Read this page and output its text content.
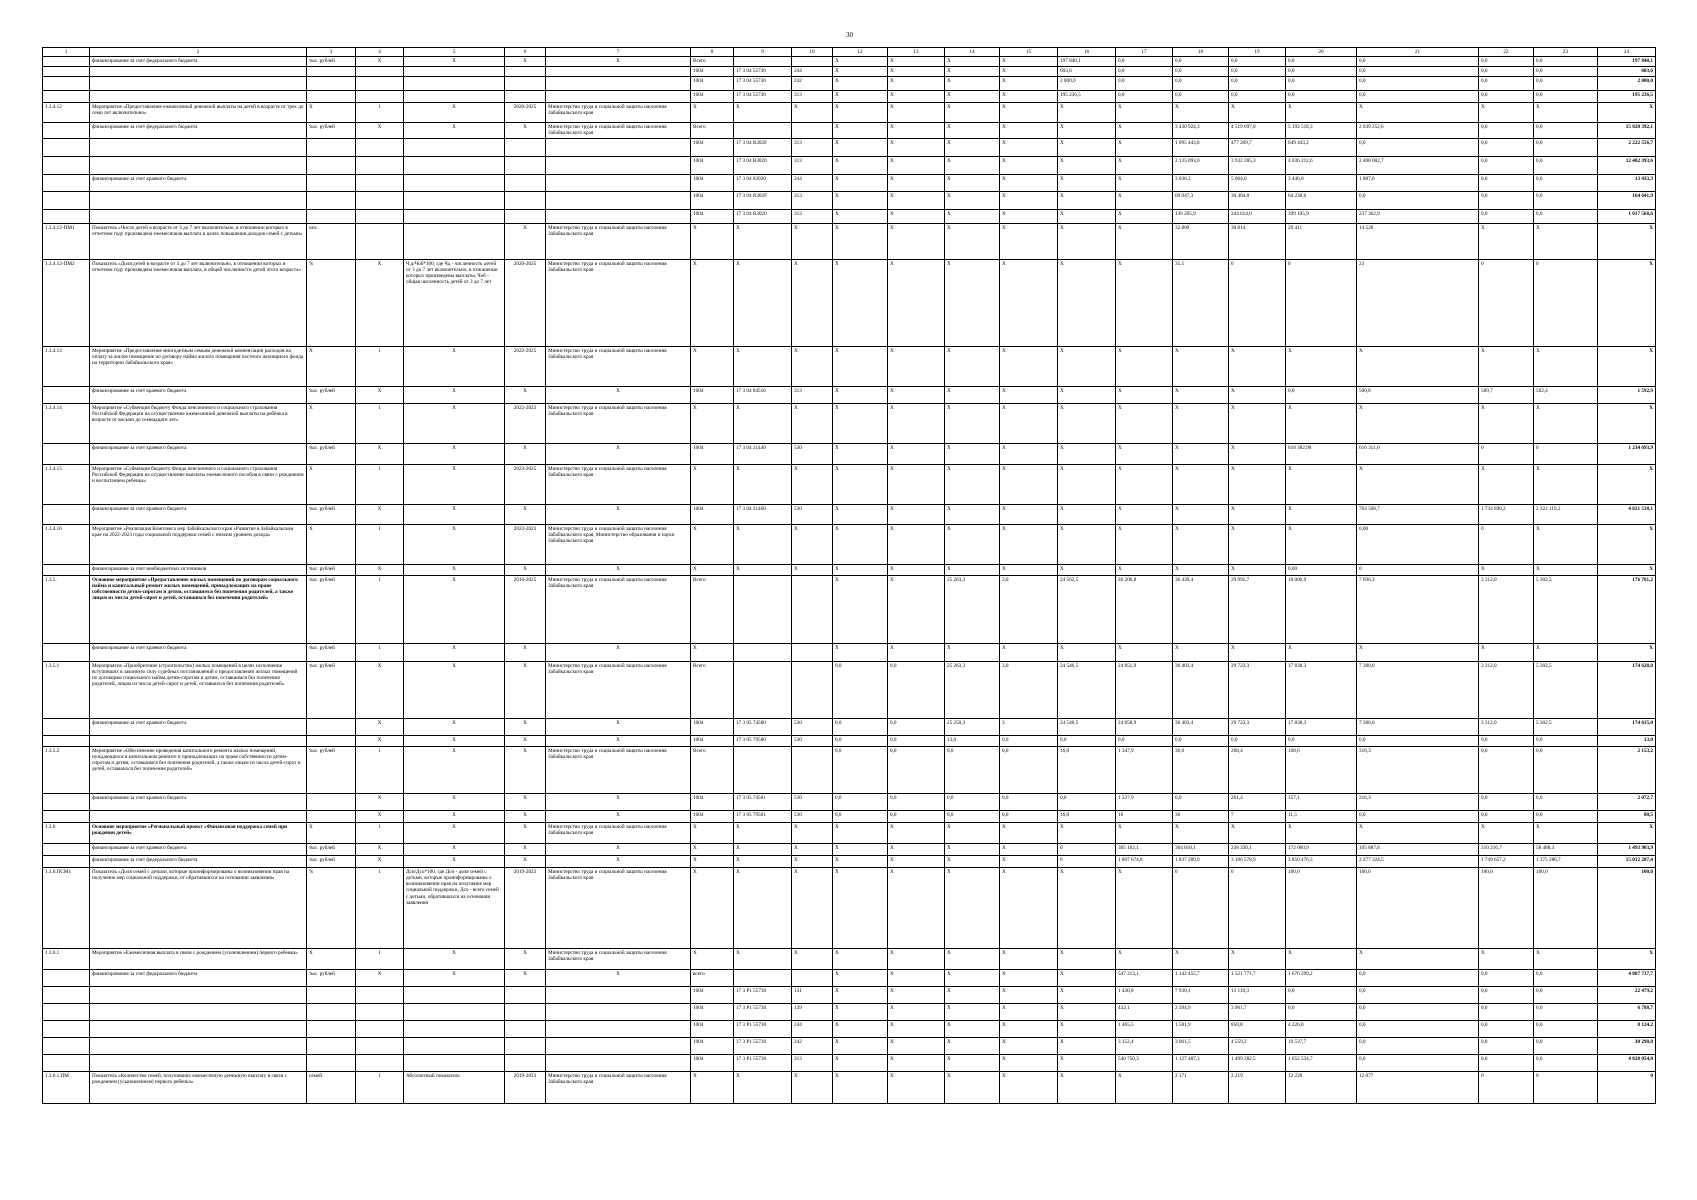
30
1	2	3	4	5	6	7	8	9	10	12	13	14	15	16	17	18	19	20	21	22	23	24	
	финансирование за счет федерального бюджета	тыс. рублей	Х	Х	Х	Х	Всего			Х	Х	Х	Х	197 840,1	0,0	0,0	0,0	0,0	0,0	0,0	0,0	197 840,1	
							1004	17 3 04 55730	244	Х	Х	Х	Х	603,6	0,0	0,0	0,0	0,0	0,0	0,0	0,0	603,6	
							1004	17 3 04 55730	242	Х	Х	Х	Х	2 000,0	0,0	0,0	0,0	0,0	0,0	0,0	0,0	2 000,0	
							1004	17 3 04 55730	313	Х	Х	Х	Х	195 236,5	0,0	0,0	0,0	0,0	0,0	0,0	0,0	195 236,5	
1.3.4.12	Мероприятие «Предоставление ежемесячной денежной выплаты на детей в возрасте от трех до семи лет включительно»	Х	1	Х	2020-2025	Министерство труда и социальной защиты населения Забайкальского края	Х	Х	Х	Х	Х	Х	Х	Х	Х	Х	Х	Х	Х	Х	Х	Х	
	финансирование за счет федерального бюджета	тыс. рублей	Х	Х	Х	Министерство труда и социальной защиты населения Забайкальского края	Всего			Х	Х	Х	Х	Х	Х	3 430 924,3	4 519 697,0	5 192 518,3	2 639 252,6	0,0	0,0	15 820 392,1	
							1004	17 3 04 R302F	313	Х	Х	Х	Х	Х	Х	1 095 443,8	477 269,7	649 443,2	0,0	0,0	0,0	2 222 556,7	
							1004	17 3 04 R3020	313	Х	Х	Х	Х	Х	Х	2 135 093,0	3 932 285,3	4 036 212,6	2 408 002,7	0,0	0,0	12 402 393,6	
	финансирование за счет краевого бюджета						1004	17 3 04 82020	244	Х	Х	Х	Х	Х	Х	3 036,3	5 064,0	3 446,0	1 887,0	0,0	0,0	13 433,3	
							1004	17 3 04 R302F	313	Х	Х	Х	Х	Х	Х	69 947,3	30 464,8	64 230,6	0,0	0,0	0,0	164 641,9	
							1004	17 3 04 R3020	313	Х	Х	Х	Х	Х	Х	136 205,9	344 614,0	399 105,9	237 362,9	0,0	0,0	1 017 568,6	
1.3.4.12-ПМ1	Показатель «Число детей в возрасте от 3 до 7 лет включительно, в отношении которых в отчетном году произведена ежемесячная выплата в целях повышения доходов семей с детьми»	чел.			Х	Министерство труда и социальной защиты населения Забайкальского края	Х	Х	Х	Х	Х	Х	Х	Х	Х	32 800	30 014	29 411	14 528	Х	Х	Х	
1.3.4.12-ПМ2	Показатель «Доля детей в возрасте от 3 до 7 лет включительно, в отношении которых в отчетном году произведена ежемесячная выплата, в общей численности детей этого возраста»	%	Х	Ч.д/Чоб*100, где Чд - численность детей от 3 до 7 лет включительно, в отношении которых произведены выплаты, Чоб - общая численность детей от 3 до 7 лет	2020-2025	Министерство труда и социальной защиты населения Забайкальского края	Х	Х	Х	Х	Х	Х	Х	Х	Х	35,5	0	0	23	0	0	Х	
1.3.4.13	Мероприятие «Предоставление многодетным семьям денежной компенсации расходов на оплату за жилое помещение по договору найма жилого помещения частного жилищного фонда на территории Забайкальского края»	Х	1	Х	2022-2025	Министерство труда и социальной защиты населения Забайкальского края	Х	Х	Х	Х	Х	Х	Х	Х	Х	Х	Х	Х	Х	Х	Х	Х	
	финансирование за счет краевого бюджета	тыс. рублей	Х	Х	Х	Х	1004	17 3 04 84516	313	Х	Х	Х	Х	Х	Х	Х	Х	0,0	500,8	589,7	502,4	1 592,9	
1.3.4.14	Мероприятие «Субвенция бюджету Фонда пенсионного и социального страхования Российской Федерации на осуществление ежемесячной денежной выплаты на ребёнка в возрасте от восьми до семнадцати лет»	Х	1	Х	2022-2023	Министерство труда и социальной защиты населения Забайкальского края	Х	Х	Х	Х	Х	Х	Х	Х	Х	Х	Х	Х	Х	Х	Х	Х	
	финансирование за счет краевого бюджета	тыс. рублей	Х	Х	Х	Х	1004	17 3 04 31440	530	Х	Х	Х	Х	Х	Х	Х	Х	618 382,90	616 311,0	0	0	1 234 693,9	
1.3.4.15	Мероприятие «Субвенция бюджету Фонда пенсионного и социального страхования Российской Федерации на осуществление выплаты ежемесячного пособия в связи с рождением и воспитанием ребенка»	Х	1	Х	2023-2025	Министерство труда и социальной защиты населения Забайкальского края	Х	Х	Х	Х	Х	Х	Х	Х	Х	Х	Х	Х	Х	Х	Х	Х	
	финансирование за счет краевого бюджета	тыс. рублей	Х	Х	Х	Х	1004	17 3 04 31460	530	Х	Х	Х	Х	Х	Х	Х	Х	Х	764 508,7	1 734 890,2	2 322 119,2	4 821 518,1	
1.3.4.16	Мероприятие «Реализация Комплекса мер Забайкальского края «Развитие в Забайкальском крае на 2022-2023 годы социальной поддержки семей с низким уровнем дохода»	Х	1	Х	2022-2023	Министерство труда и социальной защиты населения Забайкальского края, Министерство образования и науки Забайкальского края	Х	Х	Х	Х	Х	Х	Х	Х	Х	Х	Х	Х	0,00	0	Х	Х	
	финансирование за счет внебюджетных источников	тыс. рублей	Х	Х	Х	Х	Х	Х	Х	Х	Х	Х	Х	Х	Х	Х	Х	0,00	0	Х	Х	Х	
1.3.5.	Основное мероприятие «Предоставление жилых помещений по договорам социального найма и капитальный ремонт жилых помещений, принадлежащих на праве собственности детям-сиротам и детям, оставшимся без попечения родителей, а также лицам из числа детей-сирот и детей, оставшихся без попечения родителей»	тыс. рублей	1	Х	2016-2025	Министерство труда и социальной защиты населения Забайкальского края	Всего			Х	Х	25 263,3	3,0	24 562,5	26 206,8	36 439,4	29 991,7	18 006,9	7 696,3	3 312,0	5 302,5	176 781,2	
	финансирование за счет краевого бюджета	тыс. рублей	1	Х	Х	Х	Х			Х	Х	Х	Х	Х	Х	Х	Х	Х	Х	Х	Х	Х	
1.3.5.1	Мероприятие «Приобретение (строительство) жилых помещений в целях исполнения вступивших в законную силу судебных постановлений о предоставлении жилых помещений по договорам социального найма детям-сиротам и детям, оставшимся без попечения родителей, лицам из числа детей-сирот и детей, оставшихся без попечения родителей»	тыс. рублей	Х	Х	Х	Министерство труда и социальной защиты населения Забайкальского края	Всего			0,0	0,0	25 263,3	3,0	24 546,5	24 851,9	36 403,4	29 723,3	17 838,3	7 380,0	3 312,0	5 302,5	174 628,0	
	финансирование за счет краевого бюджета		Х	Х	Х	Х	1004	17 3 05 74580	530	0,0	0,0	25 250,3	3	24 546,5	24 858,9	36 403,4	29 723,3	17 838,3	7 380,0	3 312,0	5 302,5	174 615,0	
			Х	Х	Х	Х	1004	17 3 05 79580	530	0,0	0,0	13,0	0,0	0,0	0,0	0,0	0,0	0,0	0,0	0,0	0,0	13,0	
1.3.5.2	Мероприятие «Обеспечение проведения капитального ремонта жилых помещений, нуждающихся в капитальном ремонте и принадлежащих на праве собственности детям-сиротам и детям, оставшимся без попечения родителей, а также лицам из числа детей-сирот и детей, оставшихся без попечения родителей»	тыс. рублей	1	Х	Х	Министерство труда и социальной защиты населения Забайкальского края	Всего			0,0	0,0	0,0	0,0	16,0	1 347,9	36,0	268,4	168,6	316,3	0,0	0,0	2 153,2	
	финансирование за счет краевого бюджета		Х	Х	Х	Х	1004	17 3 05 74581	530	0,0	0,0	0,0	0,0	0,0	1 337,9	0,0	261,4	157,1	316,3	0,0	0,0	2 072,7	
			Х	Х	Х	Х	1004	17 3 05 79581	530	0,0	0,0	0,0	0,0	16,0	10	36	7	11,5	0,0	0,0	0,0	80,5	
1.3.6	Основное мероприятие «Региональный проект «Финансовая поддержка семей при рождении детей»	Х	1	Х	Х	Министерство труда и социальной защиты населения Забайкальского края	Х	Х	Х	Х	Х	Х	Х	Х	Х	Х	Х	Х	Х	Х	Х	Х	
	финансирование за счет краевого бюджета	тыс. рублей	Х	Х	Х	Х	Х	Х	Х	Х	Х	Х	Х	0	305 162,1	364 618,1	238 330,1	172 060,9	105 887,8	310 216,7	58 488,3	1 493 903,9	
	финансирование за счет федерального бюджета	тыс. рублей	Х	Х	Х	Х	Х	Х	Х	Х	Х	Х	Х	0	1 807 674,8	1 837 289,0	3 106 578,9	3 850 476,3	2 277 324,5	1 749 657,2	1 375 286,7	15 012 207,4	
1.3.6.ПСМ1	Показатель «Доля семей с детьми, которые проинформированы о возникновении прав на получение мер социальной поддержки, от обратившихся на основании заявления»	%	1	Дсн/Дсо*100, где Дсн - доля семей с детьми, которые проинформированы о возникновении прав на получение мер социальной поддержки, Дсо - всего семей с детьми, обратившихся на основании заявления	2019-2023	Министерство труда и социальной защиты населения Забайкальского края	Х	Х	Х	Х	Х	Х	Х	Х	Х	0	0	100,0	100,0	100,0	100,0	100,0	
1.3.6.1	Мероприятие «Ежемесячная выплата в связи с рождением (усыновлением) первого ребенка»	Х	1	Х	Х	Министерство труда и социальной защиты населения Забайкальского края	Х	Х	Х	Х	Х	Х	Х	Х	Х	Х	Х	Х	Х	Х	Х	Х	
	финансирование за счет федерального бюджета	тыс. рублей	Х	Х	Х	Х	всего			Х	Х	Х	Х	Х	547 213,1	1 142 455,7	1 521 771,7	1 676 299,2	0,0	0,0	0,0	4 887 737,7	
							1004	17 3 P1 55730	131	Х	Х	Х	Х	Х	1 430,8	7 930,1	13 118,3	0,0	0,0	0,0	0,0	22 479,2	
							1004	17 3 P1 55730	139	Х	Х	Х	Х	Х	432,1	2 394,9	3 961,7	0,0	0,0	0,0	0,0	6 788,7	
							1004	17 3 P1 55730	244	Х	Х	Х	Х	Х	1 465,5	1 581,9	850,8	4 226,8	0,0	0,0	0,0	8 124,2	
							1004	17 3 P1 55730	242	Х	Х	Х	Х	Х	3 152,4	3 061,5	4 559,2	19 537,7	0,0	0,0	0,0	30 290,8	
							1004	17 3 P1 55730	313	Х	Х	Х	Х	Х	540 750,3	1 127 487,3	1 499 282,5	1 652 534,7	0,0	0,0	0,0	4 820 054,8	
1.3.6.1.ПМ	Показатель «Количество семей, получивших ежемесячную денежную выплату в связи с рождением (усыновлением) первого ребенка»	семей	1	Абсолютный показатель	2019-2023	Министерство труда и социальной защиты населения Забайкальского края	Х	Х	Х	Х	Х	Х	Х	Х	Х	2 171	2 219	12 228	12 077	0	0	0	
